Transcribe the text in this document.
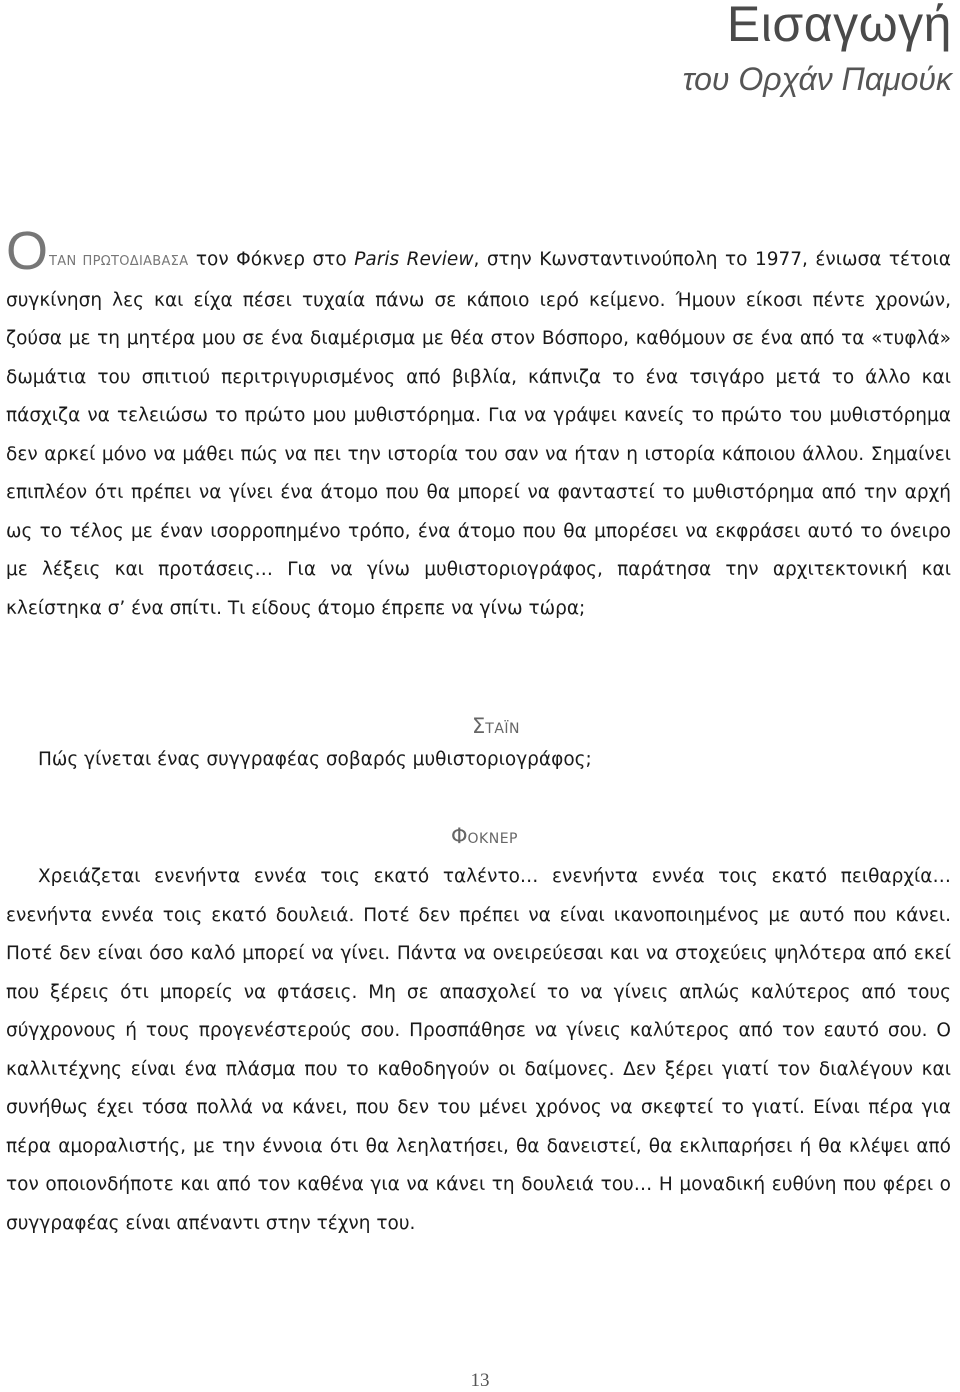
Εισαγωγή

του Ορχάν Παμούκ

ΟΤΑΝ ΠΡΩΤΟΔΙΑΒΑΣΑ τον Φόκνερ στο Paris Review, στην Κωνσταντινούπολη το 1977, ένιωσα τέτοια συγκίνηση λες και είχα πέσει τυχαία πάνω σε κάποιο ιερό κείμενο. Ήμουν είκοσι πέντε χρονών, ζούσα με τη μητέρα μου σε ένα διαμέρισμα με θέα στον Βόσπορο, καθόμουν σε ένα από τα «τυφλά» δωμάτια του σπιτιού περιτριγυρισμένος από βιβλία, κάπνιζα το ένα τσιγάρο μετά το άλλο και πάσχιζα να τελειώσω το πρώτο μου μυθιστόρημα. Για να γράψει κανείς το πρώτο του μυθιστόρημα δεν αρκεί μόνο να μάθει πώς να πει την ιστορία του σαν να ήταν η ιστορία κάποιου άλλου. Σημαίνει επιπλέον ότι πρέπει να γίνει ένα άτομο που θα μπορεί να φανταστεί το μυθιστόρημα από την αρχή ως το τέλος με έναν ισορροπημένο τρόπο, ένα άτομο που θα μπορέσει να εκφράσει αυτό το όνειρο με λέξεις και προτάσεις… Για να γίνω μυθιστοριογράφος, παράτησα την αρχιτεκτονική και κλείστηκα σ’ ένα σπίτι. Τι είδους άτομο έπρεπε να γίνω τώρα;

ΣΤΑΪΝ

Πώς γίνεται ένας συγγραφέας σοβαρός μυθιστοριογράφος;

ΦΟΚΝΕΡ

Χρειάζεται ενενήντα εννέα τοις εκατό ταλέντο… ενενήντα εννέα τοις εκατό πειθαρχία… ενενήντα εννέα τοις εκατό δουλειά. Ποτέ δεν πρέπει να είναι ικανοποιημένος με αυτό που κάνει. Ποτέ δεν είναι όσο καλό μπορεί να γίνει. Πάντα να ονειρεύεσαι και να στοχεύεις ψηλότερα από εκεί που ξέρεις ότι μπορείς να φτάσεις. Μη σε απασχολεί το να γίνεις απλώς καλύτερος από τους σύγχρονους ή τους προγενέστερούς σου. Προσπάθησε να γίνεις καλύτερος από τον εαυτό σου. Ο καλλιτέχνης είναι ένα πλάσμα που το καθοδηγούν οι δαίμονες. Δεν ξέρει γιατί τον διαλέγουν και συνήθως έχει τόσα πολλά να κάνει, που δεν του μένει χρόνος να σκεφτεί το γιατί. Είναι πέρα για πέρα αμοραλιστής, με την έννοια ότι θα λεηλατήσει, θα δανειστεί, θα εκλιπαρήσει ή θα κλέψει από τον οποιονδήποτε και από τον καθένα για να κάνει τη δουλειά του… Η μοναδική ευθύνη που φέρει ο συγγραφέας είναι απέναντι στην τέχνη του.

13
